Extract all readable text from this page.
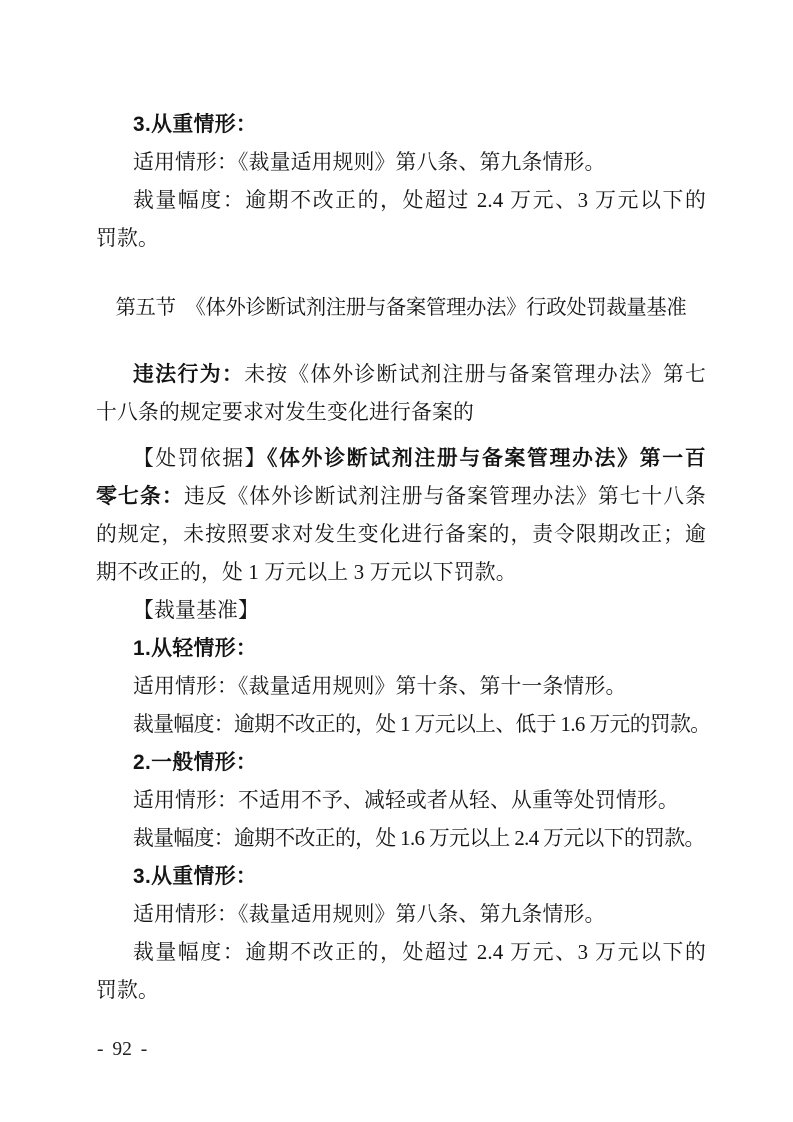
3.从重情形：
适用情形：《裁量适用规则》第八条、第九条情形。
裁量幅度：逾期不改正的，处超过 2.4 万元、3 万元以下的
罚款。
第五节　《体外诊断试剂注册与备案管理办法》行政处罚裁量基准
违法行为：未按《体外诊断试剂注册与备案管理办法》第七
十八条的规定要求对发生变化进行备案的
【处罚依据】《体外诊断试剂注册与备案管理办法》第一百
零七条：违反《体外诊断试剂注册与备案管理办法》第七十八条
的规定，未按照要求对发生变化进行备案的，责令限期改正；逾
期不改正的，处 1 万元以上 3 万元以下罚款。
【裁量基准】
1.从轻情形：
适用情形：《裁量适用规则》第十条、第十一条情形。
裁量幅度：逾期不改正的，处 1 万元以上、低于 1.6 万元的罚款。
2.一般情形：
适用情形：不适用不予、减轻或者从轻、从重等处罚情形。
裁量幅度：逾期不改正的，处 1.6 万元以上 2.4 万元以下的罚款。
3.从重情形：
适用情形：《裁量适用规则》第八条、第九条情形。
裁量幅度：逾期不改正的，处超过 2.4 万元、3 万元以下的
罚款。
- 92 -
